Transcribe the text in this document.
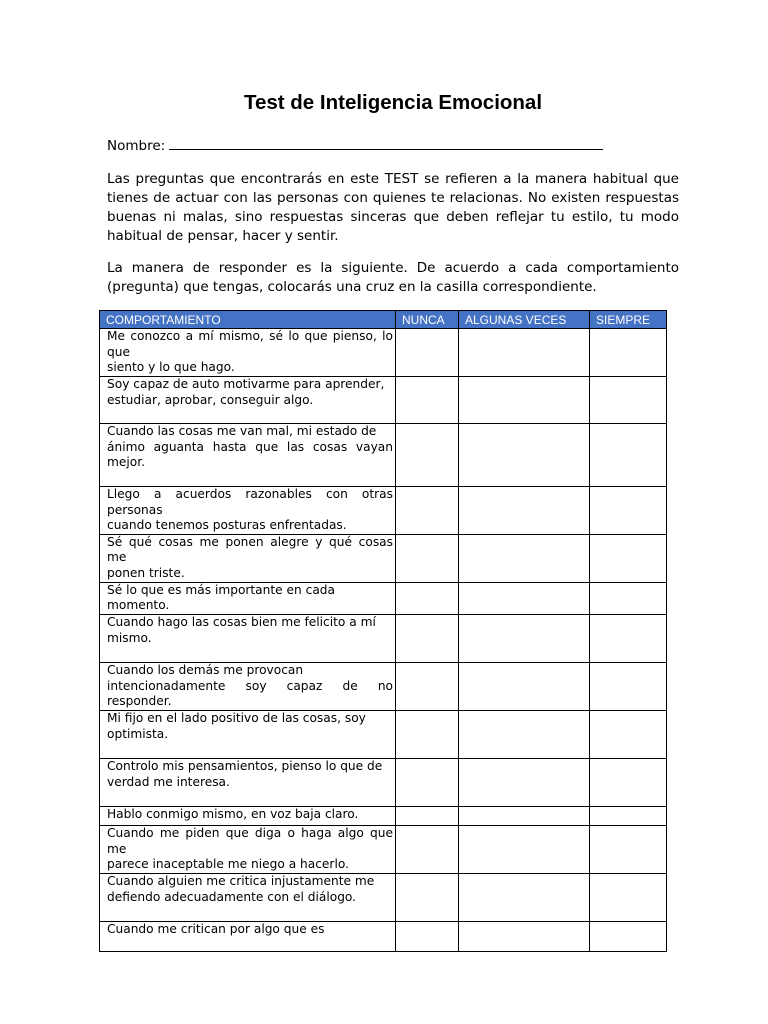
Test de Inteligencia Emocional
Nombre:

Las preguntas que encontrarás en este TEST se refieren a la manera habitual que tienes de actuar con las personas con quienes te relacionas. No existen respuestas buenas ni malas, sino respuestas sinceras que deben reflejar tu estilo, tu modo habitual de pensar, hacer y sentir.

La manera de responder es la siguiente. De acuerdo a cada comportamiento (pregunta) que tengas, colocarás una cruz en la casilla correspondiente.

COMPORTAMIENTO	NUNCA	ALGUNAS VECES	SIEMPRE

Me conozco a mí mismo, sé lo que pienso, lo que
siento y lo que hago.			

Soy capaz de auto motivarme para aprender,
estudiar, aprobar, conseguir algo.			

Cuando las cosas me van mal, mi estado de
ánimo aguanta hasta que las cosas vayan mejor.			

Llego a acuerdos razonables con otras personas
cuando tenemos posturas enfrentadas.			

Sé qué cosas me ponen alegre y qué cosas me
ponen triste.			

Sé lo que es más importante en cada
momento.			

Cuando hago las cosas bien me felicito a mí
mismo.			

Cuando los demás me provocan
intencionadamente soy capaz de no responder.			

Mi fijo en el lado positivo de las cosas, soy
optimista.			

Controlo mis pensamientos, pienso lo que de
verdad me interesa.			

Hablo conmigo mismo, en voz baja claro.			

Cuando me piden que diga o haga algo que me
parece inaceptable me niego a hacerlo.			

Cuando alguien me critica injustamente me
defiendo adecuadamente con el diálogo.			

Cuando me critican por algo que es			
